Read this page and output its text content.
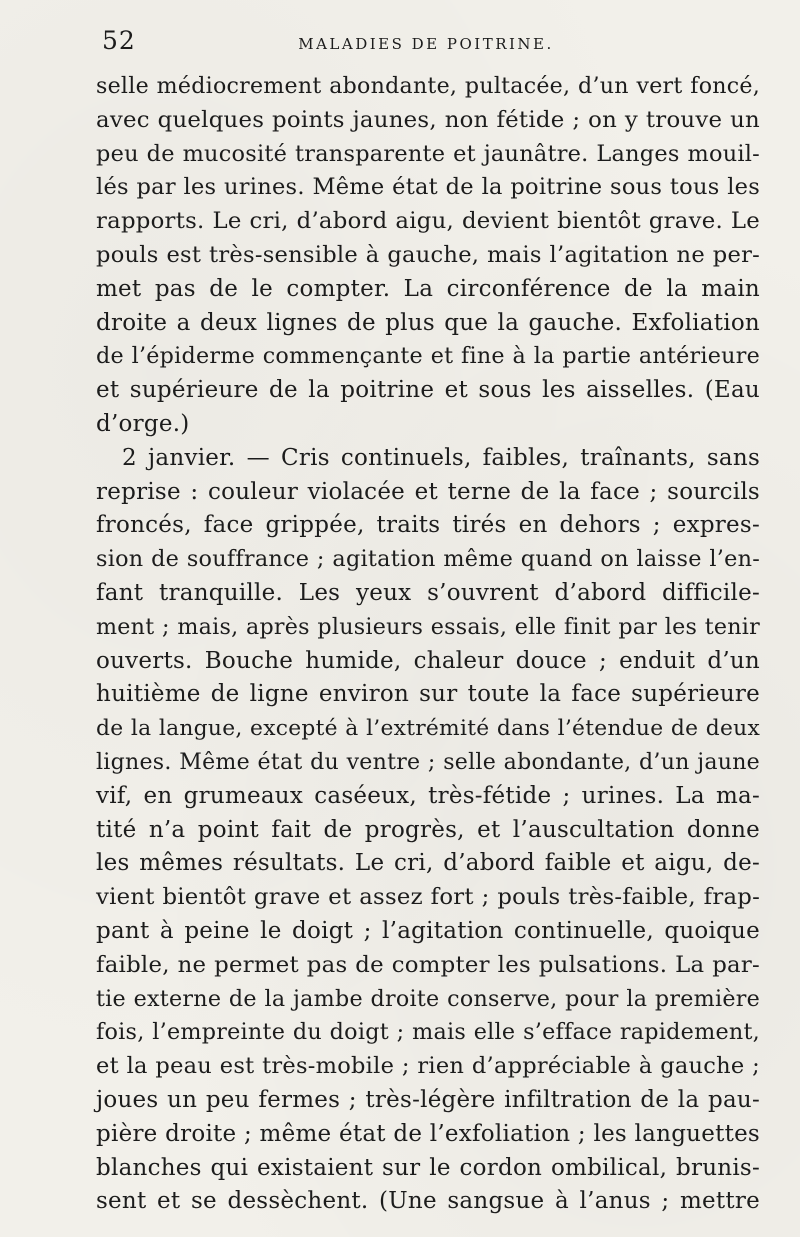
52	MALADIES DE POITRINE.
selle médiocrement abondante, pultacée, d’un vert foncé,
avec quelques points jaunes, non fétide ; on y trouve un
peu de mucosité transparente et jaunâtre. Langes mouil-
lés par les urines. Même état de la poitrine sous tous les
rapports. Le cri, d’abord aigu, devient bientôt grave. Le
pouls est très-sensible à gauche, mais l’agitation ne per-
met pas de le compter. La circonférence de la main
droite a deux lignes de plus que la gauche. Exfoliation
de l’épiderme commençante et fine à la partie antérieure
et supérieure de la poitrine et sous les aisselles. (Eau
d’orge.)
2 janvier. — Cris continuels, faibles, traînants, sans
reprise : couleur violacée et terne de la face ; sourcils
froncés, face grippée, traits tirés en dehors ; expres-
sion de souffrance ; agitation même quand on laisse l’en-
fant tranquille. Les yeux s’ouvrent d’abord difficile-
ment ; mais, après plusieurs essais, elle finit par les tenir
ouverts. Bouche humide, chaleur douce ; enduit d’un
huitième de ligne environ sur toute la face supérieure
de la langue, excepté à l’extrémité dans l’étendue de deux
lignes. Même état du ventre ; selle abondante, d’un jaune
vif, en grumeaux caséeux, très-fétide ; urines. La ma-
tité n’a point fait de progrès, et l’auscultation donne
les mêmes résultats. Le cri, d’abord faible et aigu, de-
vient bientôt grave et assez fort ; pouls très-faible, frap-
pant à peine le doigt ; l’agitation continuelle, quoique
faible, ne permet pas de compter les pulsations. La par-
tie externe de la jambe droite conserve, pour la première
fois, l’empreinte du doigt ; mais elle s’efface rapidement,
et la peau est très-mobile ; rien d’appréciable à gauche ;
joues un peu fermes ; très-légère infiltration de la pau-
pière droite ; même état de l’exfoliation ; les languettes
blanches qui existaient sur le cordon ombilical, brunis-
sent et se dessèchent. (Une sangsue à l’anus ; mettre
